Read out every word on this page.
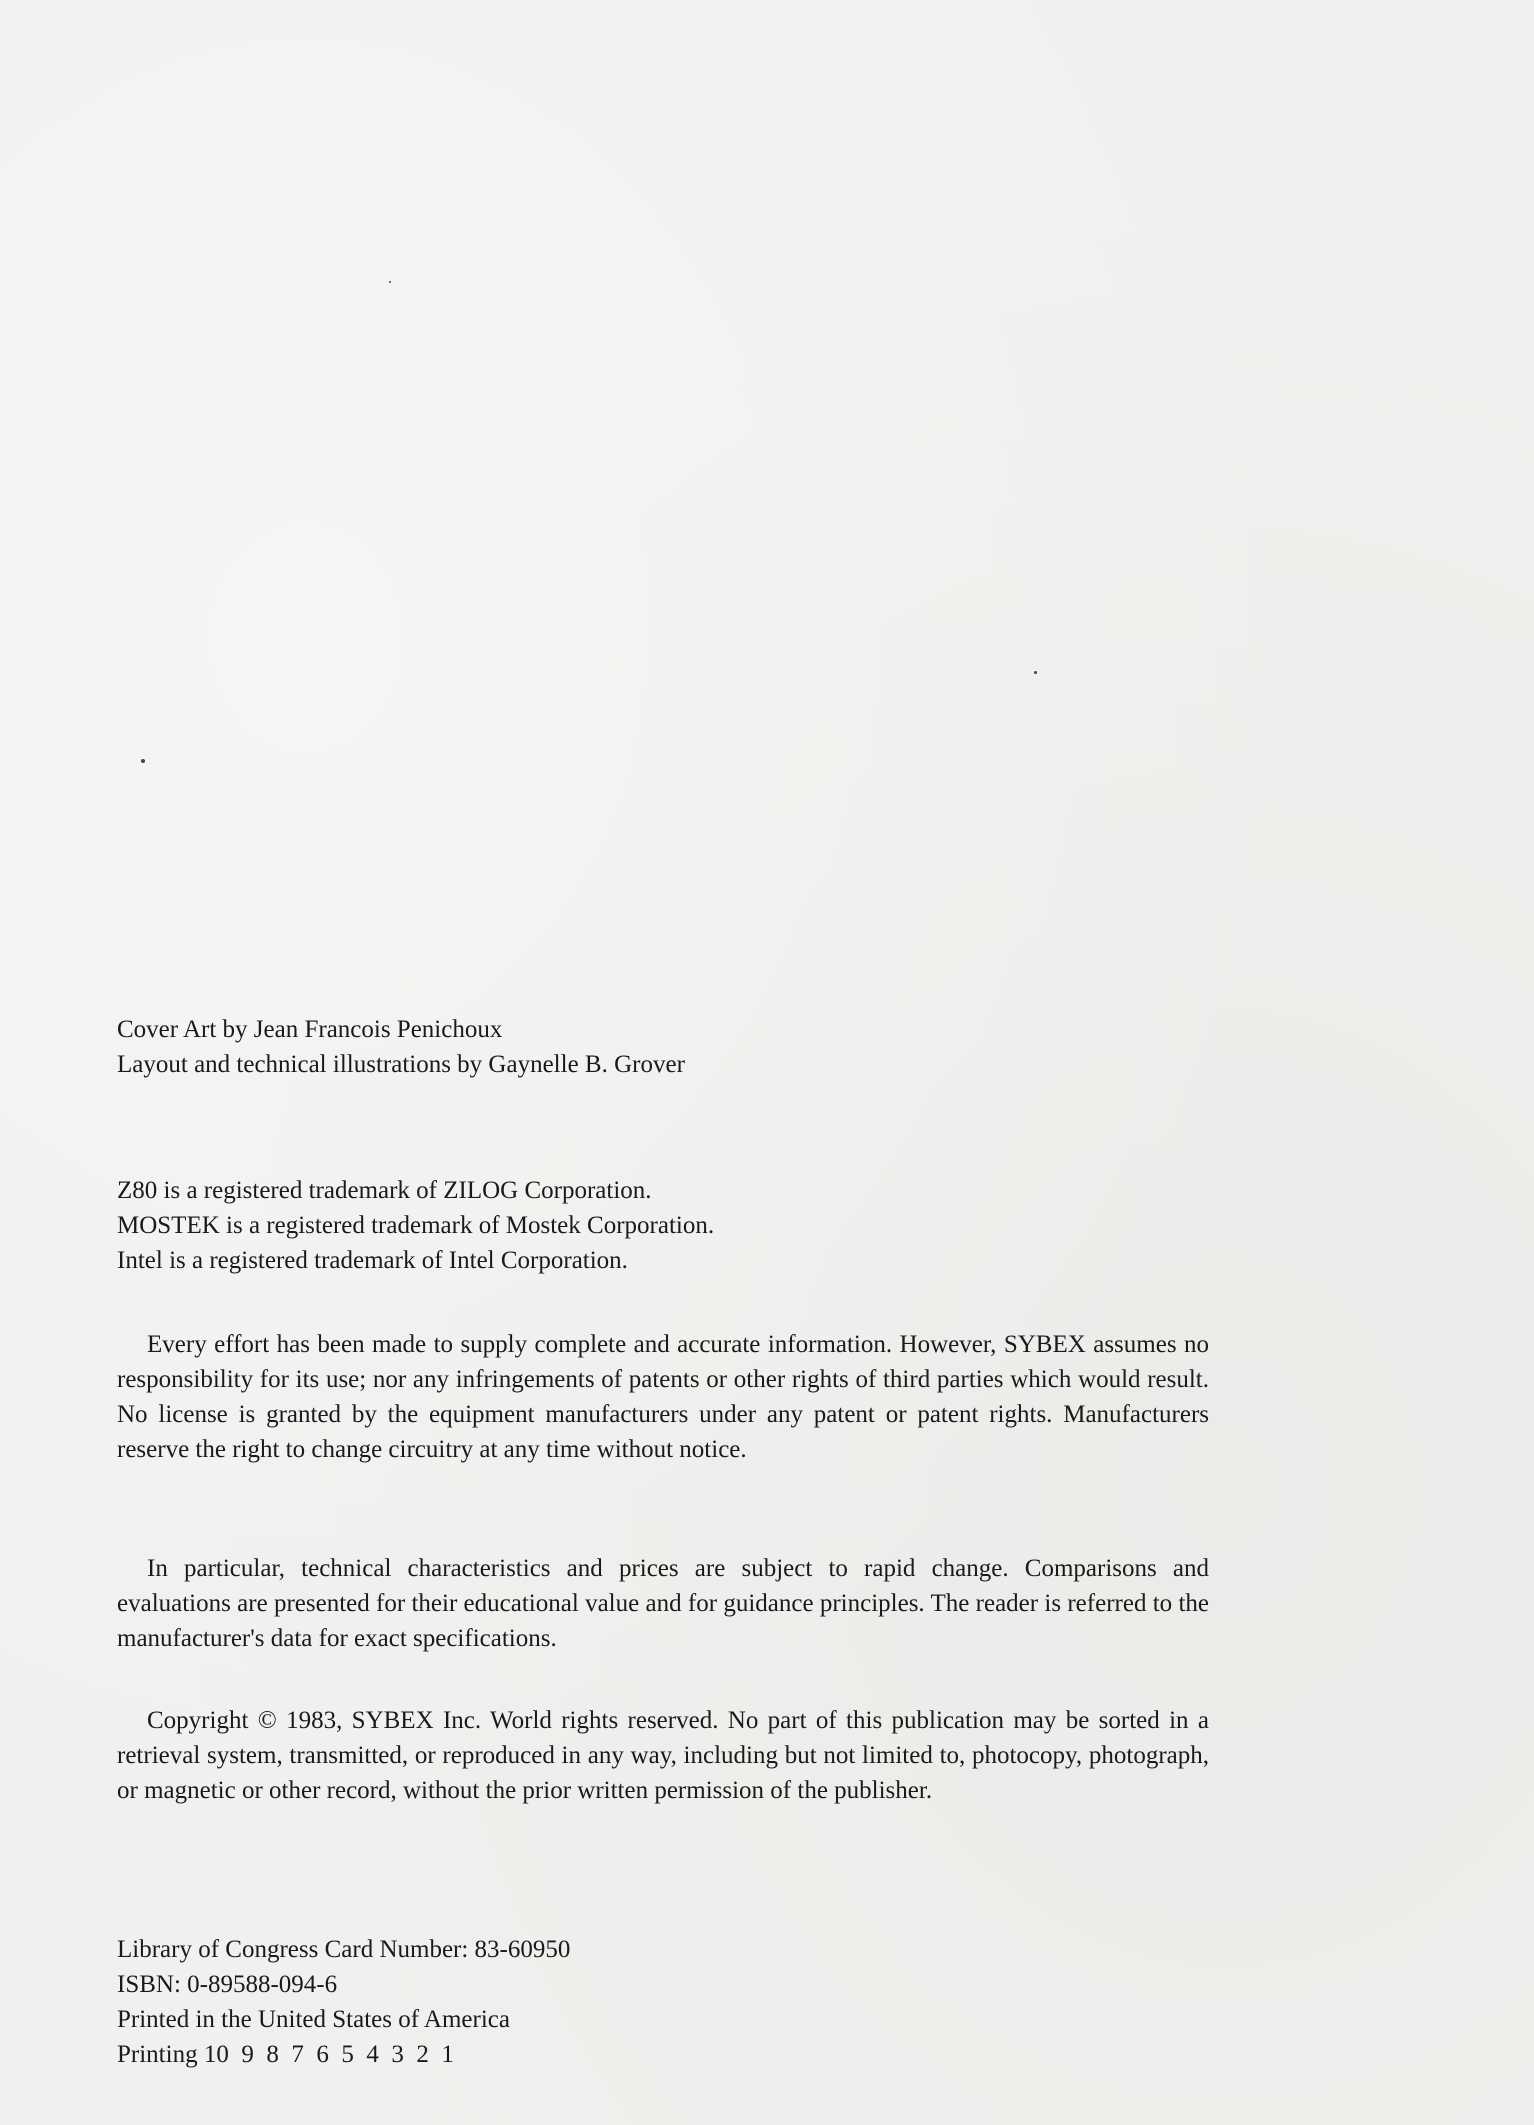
Cover Art by Jean Francois Penichoux
Layout and technical illustrations by Gaynelle B. Grover
Z80 is a registered trademark of ZILOG Corporation.
MOSTEK is a registered trademark of Mostek Corporation.
Intel is a registered trademark of Intel Corporation.
Every effort has been made to supply complete and accurate information. However, SYBEX assumes no responsibility for its use; nor any infringements of patents or other rights of third parties which would result. No license is granted by the equipment manufacturers under any patent or patent rights. Manufacturers reserve the right to change circuitry at any time without notice.
In particular, technical characteristics and prices are subject to rapid change. Comparisons and evaluations are presented for their educational value and for guidance principles. The reader is referred to the manufacturer's data for exact specifications.
Copyright © 1983, SYBEX Inc. World rights reserved. No part of this publication may be sorted in a retrieval system, transmitted, or reproduced in any way, including but not limited to, photocopy, photograph, or magnetic or other record, without the prior written permission of the publisher.
Library of Congress Card Number: 83-60950
ISBN: 0-89588-094-6
Printed in the United States of America
Printing 10  9  8  7  6  5  4  3  2  1
